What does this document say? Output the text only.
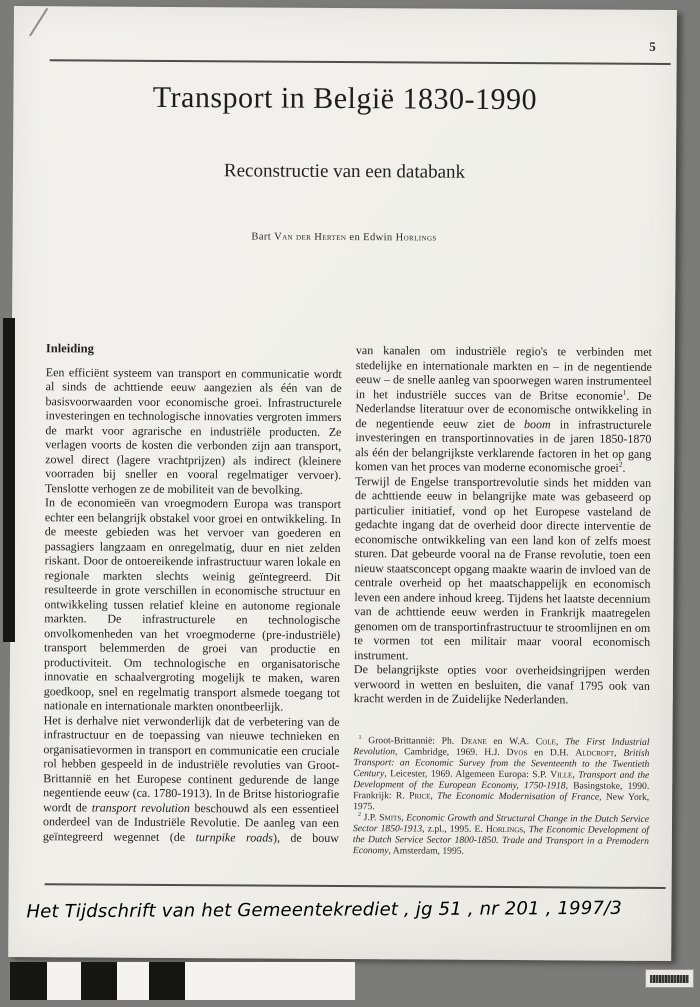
5
Transport in België 1830-1990
Reconstructie van een databank
Bart Van der Herten en Edwin Horlings
Inleiding

Een efficiënt systeem van transport en communicatie wordt al sinds de achttiende eeuw aangezien als één van de basisvoorwaarden voor economische groei. Infrastructurele investeringen en technologische innovaties vergroten immers de markt voor agrarische en industriële producten. Ze verlagen voorts de kosten die verbonden zijn aan transport, zowel direct (lagere vrachtprijzen) als indirect (kleinere voorraden bij sneller en vooral regelmatiger vervoer). Tenslotte verhogen ze de mobiliteit van de bevolking.

In de economieën van vroegmodern Europa was transport echter een belangrijk obstakel voor groei en ontwikkeling. In de meeste gebieden was het vervoer van goederen en passagiers langzaam en onregelmatig, duur en niet zelden riskant. Door de ontoereikende infrastructuur waren lokale en regionale markten slechts weinig geïntegreerd. Dit resulteerde in grote verschillen in economische structuur en ontwikkeling tussen relatief kleine en autonome regionale markten. De infrastructurele en technologische onvolkomenheden van het vroegmoderne (pre-industriële) transport belemmerden de groei van productie en productiviteit. Om technologische en organisatorische innovatie en schaalvergroting mogelijk te maken, waren goedkoop, snel en regelmatig transport alsmede toegang tot nationale en internationale markten onontbeerlijk.

Het is derhalve niet verwonderlijk dat de verbetering van de infrastructuur en de toepassing van nieuwe technieken en organisatievormen in transport en communicatie een cruciale rol hebben gespeeld in de industriële revoluties van Groot-Brittannië en het Europese continent gedurende de lange negentiende eeuw (ca. 1780-1913). In de Britse historiografie wordt de transport revolution beschouwd als een essentieel onderdeel van de Industriële Revolutie. De aanleg van een geïntegreerd wegennet (de turnpike roads), de bouw

van kanalen om industriële regio's te verbinden met stedelijke en internationale markten en – in de negentiende eeuw – de snelle aanleg van spoorwegen waren instrumenteel in het industriële succes van de Britse economie$^1$. De Nederlandse literatuur over de economische ontwikkeling in de negentiende eeuw ziet de boom in infrastructurele investeringen en transportinnovaties in de jaren 1850-1870 als één der belangrijkste verklarende factoren in het op gang komen van het proces van moderne economische groei$^2$.

Terwijl de Engelse transportrevolutie sinds het midden van de achttiende eeuw in belangrijke mate was gebaseerd op particulier initiatief, vond op het Europese vasteland de gedachte ingang dat de overheid door directe interventie de economische ontwikkeling van een land kon of zelfs moest sturen. Dat gebeurde vooral na de Franse revolutie, toen een nieuw staatsconcept opgang maakte waarin de invloed van de centrale overheid op het maatschappelijk en economisch leven een andere inhoud kreeg. Tijdens het laatste decennium van de achttiende eeuw werden in Frankrijk maatregelen genomen om de transportinfrastructuur te stroomlijnen en om te vormen tot een militair maar vooral economisch instrument.

De belangrijkste opties voor overheidsingrijpen werden verwoord in wetten en besluiten, die vanaf 1795 ook van kracht werden in de Zuidelijke Nederlanden.

$^1$ Groot-Brittannië: Ph. Deane en W.A. Cole, The First Industrial Revolution, Cambridge, 1969. H.J. Dyos en D.H. Aldcroft, British Transport: an Economic Survey from the Seventeenth to the Twentieth Century, Leicester, 1969. Algemeen Europa: S.P. Ville, Transport and the Development of the European Economy, 1750-1918, Basingstoke, 1990. Frankrijk: R. Price, The Economic Modernisation of France, New York, 1975.

$^2$ J.P. Smits, Economic Growth and Structural Change in the Dutch Service Sector 1850-1913, z.pl., 1995. E. Horlings, The Economic Development of the Dutch Service Sector 1800-1850. Trade and Transport in a Premodern Economy, Amsterdam, 1995.

Het Tijdschrift van het Gemeentekrediet , jg 51 , nr 201 , 1997/3
